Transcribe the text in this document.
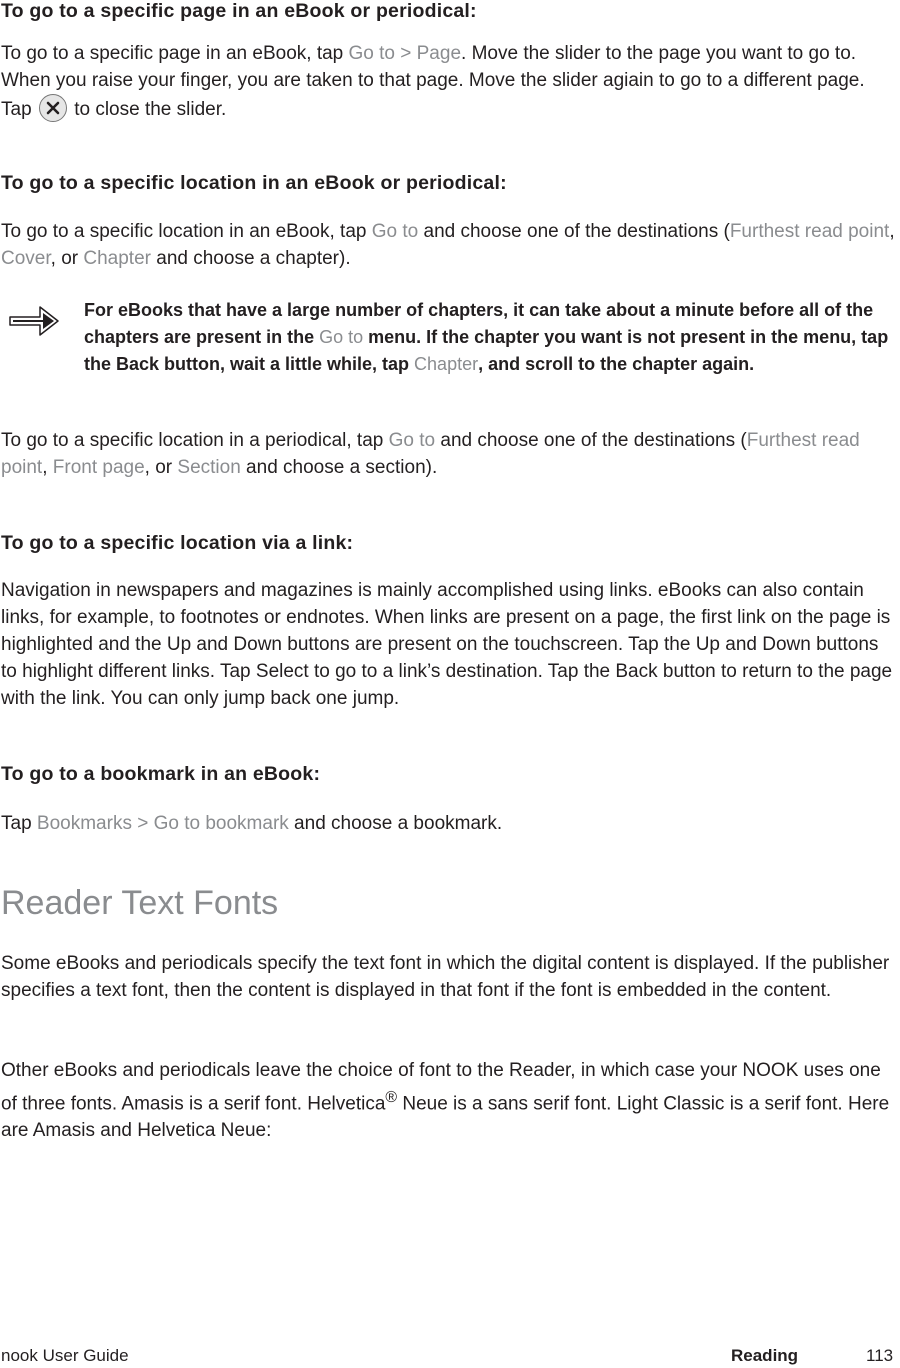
To go to a specific page in an eBook or periodical:

To go to a specific page in an eBook, tap Go to > Page. Move the slider to the page you want to go to. When you raise your finger, you are taken to that page. Move the slider agiain to go to a different page. Tap
to close the slider.

To go to a specific location in an eBook or periodical:

To go to a specific location in an eBook, tap Go to and choose one of the destinations (Furthest read point, Cover, or Chapter and choose a chapter).

For eBooks that have a large number of chapters, it can take about a minute before all of the chapters are present in the Go to menu. If the chapter you want is not present in the menu, tap the Back button, wait a little while, tap Chapter, and scroll to the chapter again.

To go to a specific location in a periodical, tap Go to and choose one of the destinations (Furthest read point, Front page, or Section and choose a section).

To go to a specific location via a link:

Navigation in newspapers and magazines is mainly accomplished using links. eBooks can also contain links, for example, to footnotes or endnotes. When links are present on a page, the first link on the page is highlighted and the Up and Down buttons are present on the touchscreen. Tap the Up and Down buttons to highlight different links. Tap Select to go to a link’s destination. Tap the Back button to return to the page with the link. You can only jump back one jump.

To go to a bookmark in an eBook:

Tap Bookmarks > Go to bookmark and choose a bookmark.

Reader Text Fonts

Some eBooks and periodicals specify the text font in which the digital content is displayed. If the publisher specifies a text font, then the content is displayed in that font if the font is embedded in the content.

Other eBooks and periodicals leave the choice of font to the Reader, in which case your NOOK uses one of three fonts. Amasis is a serif font. Helvetica® Neue is a sans serif font. Light Classic is a serif font. Here are Amasis and Helvetica Neue:

nook User Guide	Reading	113
